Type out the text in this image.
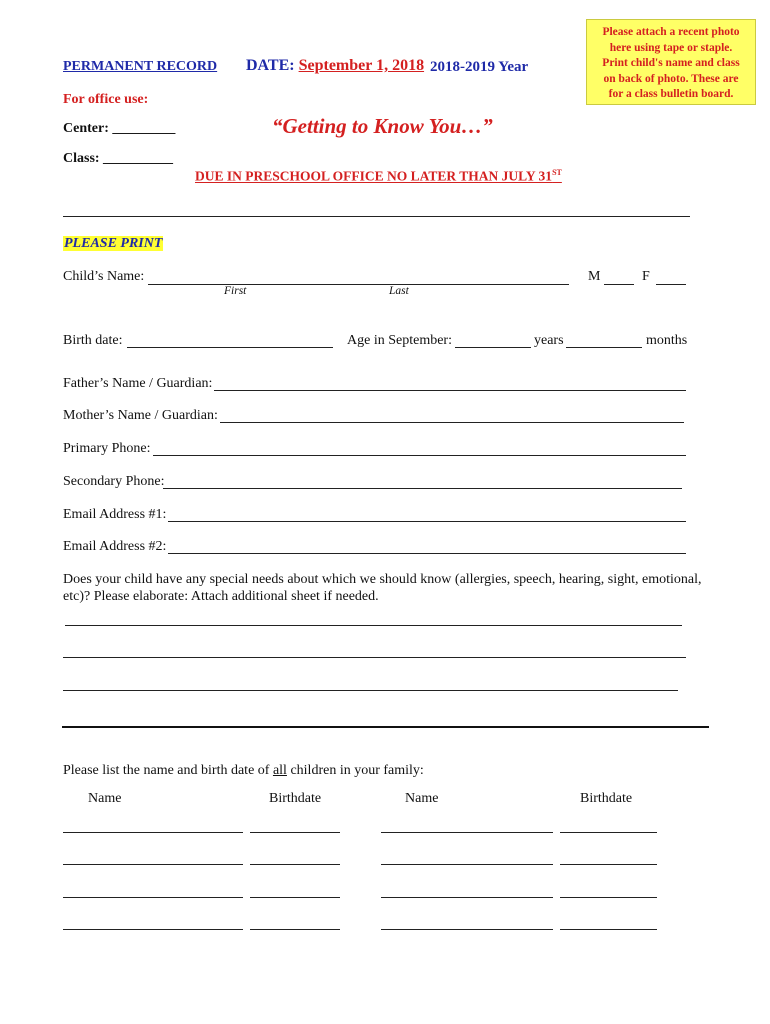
Please attach a recent photo
here using tape or staple.
Print child's name and class
on back of photo. These are
for a class bulletin board.
PERMANENT RECORD DATE: September 1, 2018 2018-2019 Year
For office use:
Center: _________
Class: __________
“Getting to Know You…”
DUE IN PRESCHOOL OFFICE NO LATER THAN JULY 31ST
PLEASE PRINT
Child’s Name:
First	Last
M	F
Birth date:	Age in September:	years	months
Father’s Name / Guardian:
Mother’s Name / Guardian:
Primary Phone:
Secondary Phone:
Email Address #1:
Email Address #2:
Does your child have any special needs about which we should know (allergies, speech, hearing, sight, emotional,
etc)? Please elaborate: Attach additional sheet if needed.
Please list the name and birth date of all children in your family:
Name	Birthdate	Name	Birthdate
